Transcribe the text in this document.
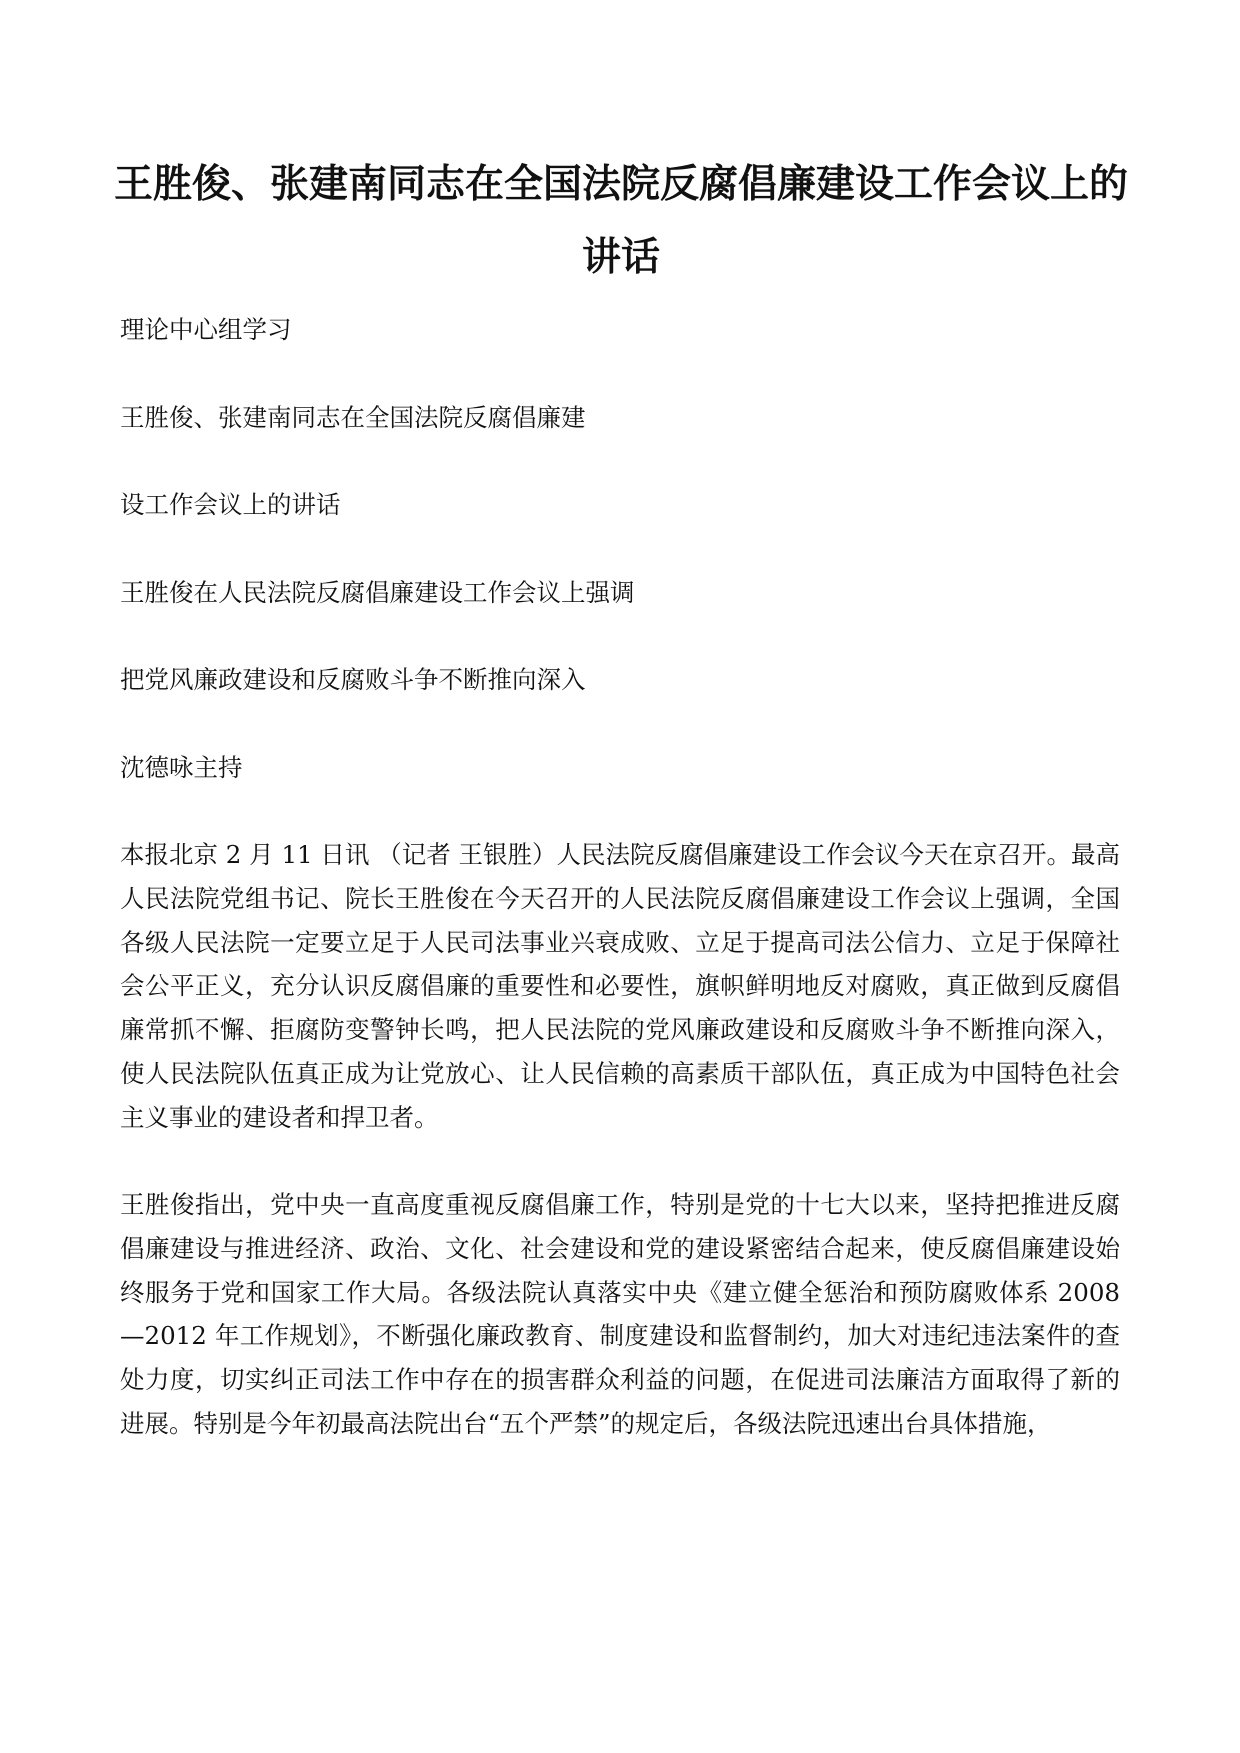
王胜俊、张建南同志在全国法院反腐倡廉建设工作会议上的讲话

理论中心组学习

王胜俊、张建南同志在全国法院反腐倡廉建

设工作会议上的讲话

王胜俊在人民法院反腐倡廉建设工作会议上强调

把党风廉政建设和反腐败斗争不断推向深入

沈德咏主持

本报北京 2 月 11 日讯 （记者 王银胜）人民法院反腐倡廉建设工作会议今天在京召开。最高人民法院党组书记、院长王胜俊在今天召开的人民法院反腐倡廉建设工作会议上强调，全国各级人民法院一定要立足于人民司法事业兴衰成败、立足于提高司法公信力、立足于保障社会公平正义，充分认识反腐倡廉的重要性和必要性，旗帜鲜明地反对腐败，真正做到反腐倡廉常抓不懈、拒腐防变警钟长鸣，把人民法院的党风廉政建设和反腐败斗争不断推向深入，使人民法院队伍真正成为让党放心、让人民信赖的高素质干部队伍，真正成为中国特色社会主义事业的建设者和捍卫者。

王胜俊指出，党中央一直高度重视反腐倡廉工作，特别是党的十七大以来，坚持把推进反腐倡廉建设与推进经济、政治、文化、社会建设和党的建设紧密结合起来，使反腐倡廉建设始终服务于党和国家工作大局。各级法院认真落实中央《建立健全惩治和预防腐败体系 2008—2012 年工作规划》，不断强化廉政教育、制度建设和监督制约，加大对违纪违法案件的查处力度，切实纠正司法工作中存在的损害群众利益的问题，在促进司法廉洁方面取得了新的进展。特别是今年初最高法院出台“五个严禁”的规定后，各级法院迅速出台具体措施，
